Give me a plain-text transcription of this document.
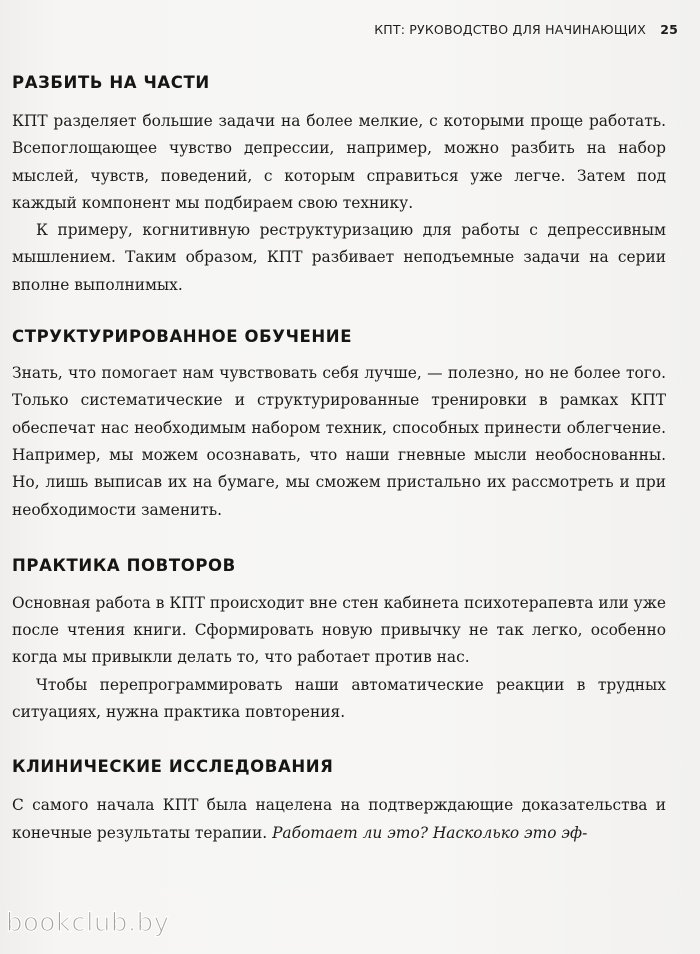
КПТ: РУКОВОДСТВО ДЛЯ НАЧИНАЮЩИХ 25
РАЗБИТЬ НА ЧАСТИ

КПТ разделяет большие задачи на более мелкие, с которыми проще работать. Всепоглощающее чувство депрессии, например, можно разбить на набор мыслей, чувств, поведений, с которым справиться уже легче. Затем под каждый компонент мы подбираем свою технику.

К примеру, когнитивную реструктуризацию для работы с депрессивным мышлением. Таким образом, КПТ разбивает неподъемные задачи на серии вполне выполнимых.

СТРУКТУРИРОВАННОЕ ОБУЧЕНИЕ

Знать, что помогает нам чувствовать себя лучше, — полезно, но не более того. Только систематические и структурированные тренировки в рамках КПТ обеспечат нас необходимым набором техник, способных принести облегчение. Например, мы можем осознавать, что наши гневные мысли необоснованны. Но, лишь выписав их на бумаге, мы сможем пристально их рассмотреть и при необходимости заменить.

ПРАКТИКА ПОВТОРОВ

Основная работа в КПТ происходит вне стен кабинета психотерапевта или уже после чтения книги. Сформировать новую привычку не так легко, особенно когда мы привыкли делать то, что работает против нас.

Чтобы перепрограммировать наши автоматические реакции в трудных ситуациях, нужна практика повторения.

КЛИНИЧЕСКИЕ ИССЛЕДОВАНИЯ

С самого начала КПТ была нацелена на подтверждающие доказательства и конечные результаты терапии. Работает ли это? Насколько это эф-

bookclub.by
